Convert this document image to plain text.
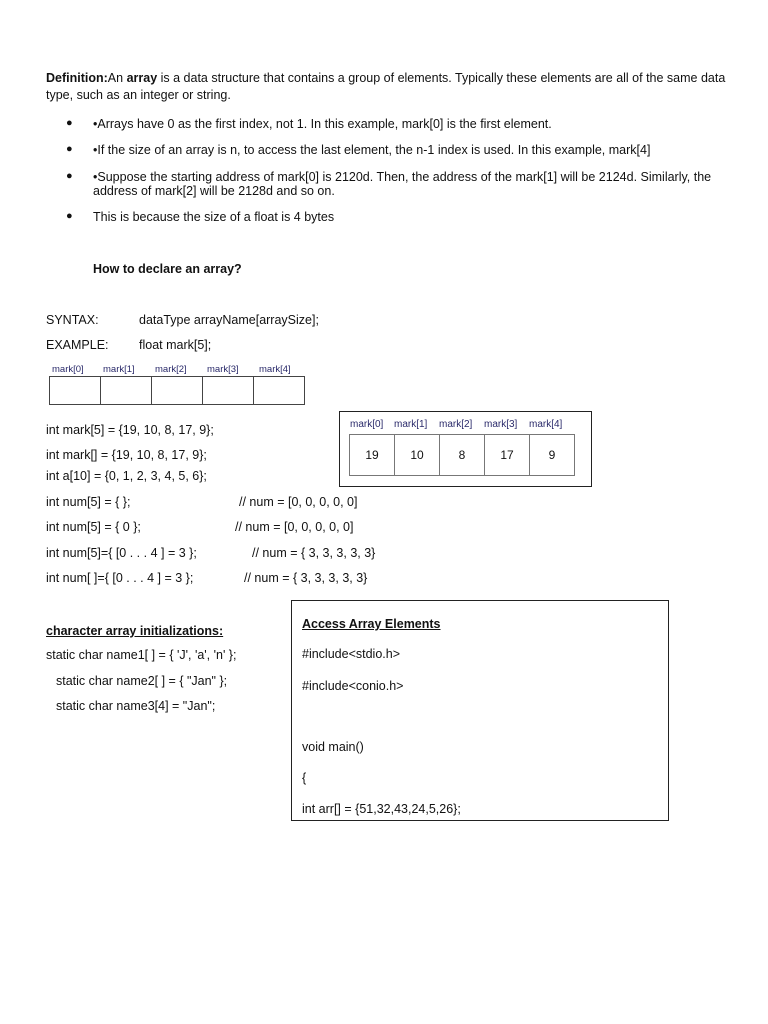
Definition:An array is a data structure that contains a group of elements. Typically these elements are all of the same data type, such as an integer or string.
● •Arrays have 0 as the first index, not 1. In this example, mark[0] is the first element.
● •If the size of an array is n, to access the last element, the n-1 index is used. In this example, mark[4]
● •Suppose the starting address of mark[0] is 2120d. Then, the address of the mark[1] will be 2124d. Similarly, the address of mark[2] will be 2128d and so on.
● This is because the size of a float is 4 bytes
How to declare an array?
SYNTAX:	dataType arrayName[arraySize];
EXAMPLE: float mark[5];
mark[0] mark[1] mark[2] mark[3] mark[4]
mark[0] mark[1] mark[2] mark[3] mark[4]
19	10	8	17	9
int mark[5] = {19, 10, 8, 17, 9};
int mark[] = {19, 10, 8, 17, 9};
int a[10] = {0, 1, 2, 3, 4, 5, 6};
int num[5] = { };	// num = [0, 0, 0, 0, 0]
int num[5] = { 0 };	// num = [0, 0, 0, 0, 0]
int num[5]={ [0 . . . 4 ] = 3 };	// num = { 3, 3, 3, 3, 3}
int num[ ]={ [0 . . . 4 ] = 3 };	// num = { 3, 3, 3, 3, 3}
character array initializations:
static char name1[ ] = { 'J', 'a', 'n' };
static char name2[ ] = { "Jan" };
static char name3[4] = "Jan";
Access Array Elements
#include<stdio.h>
#include<conio.h>
void main()
{
int arr[] = {51,32,43,24,5,26};
